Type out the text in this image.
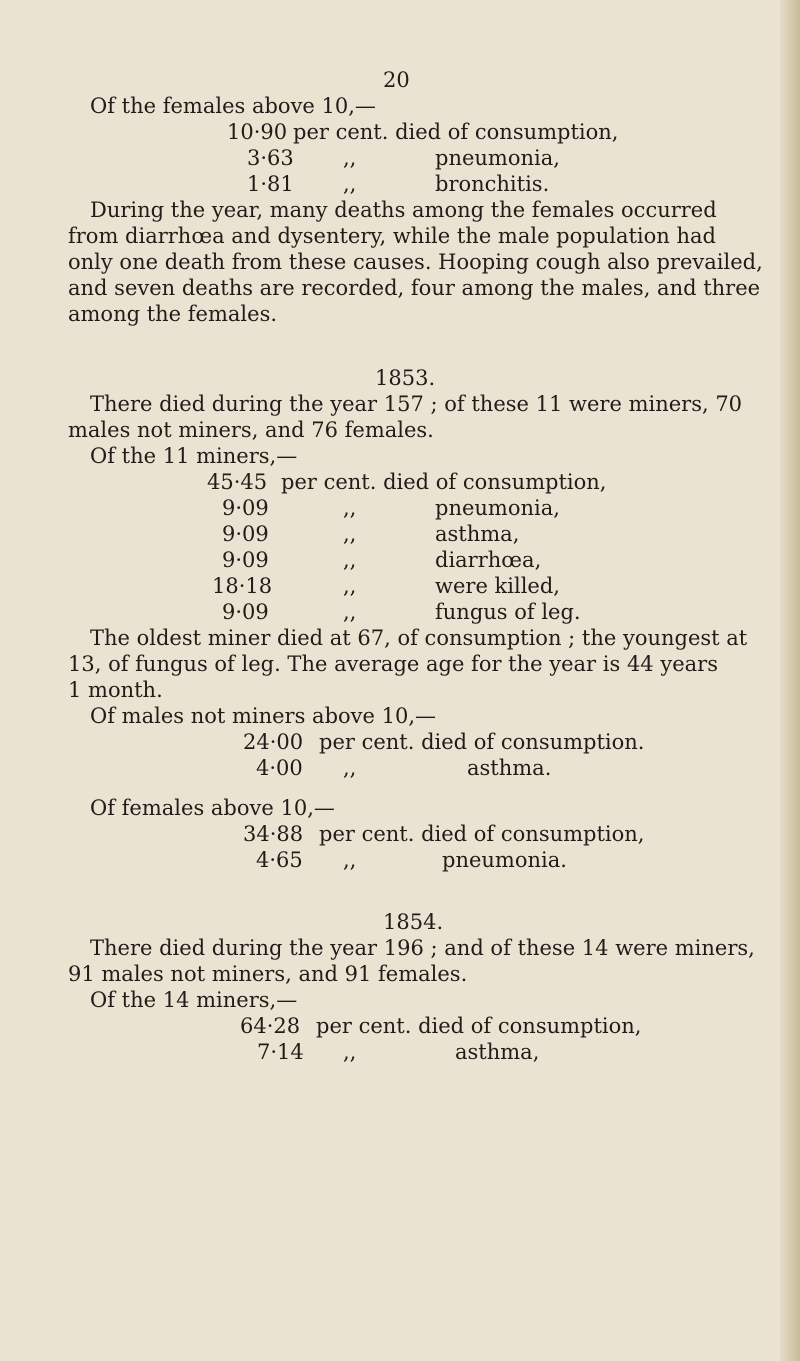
20
Of the females above 10,—
10·90 per cent. died of consumption,
3·63 ,,	pneumonia,
1·81 ,,	bronchitis.
During the year, many deaths among the females occurred
from diarrhœa and dysentery, while the male population had
only one death from these causes. Hooping cough also prevailed,
and seven deaths are recorded, four among the males, and three
among the females.
1853.
There died during the year 157 ; of these 11 were miners, 70
males not miners, and 76 females.
Of the 11 miners,—
45·45 per cent. died of consumption,
9·09	,,	pneumonia,
9·09	,,	asthma,
9·09	,,	diarrhœa,
18·18	,,	were killed,
9·09	,,	fungus of leg.
The oldest miner died at 67, of consumption ; the youngest at
13, of fungus of leg. The average age for the year is 44 years
1 month.
Of males not miners above 10,—
24·00 per cent. died of consumption.
4·00 ,,	asthma.
Of females above 10,—
34·88 per cent. died of consumption,
4·65 ,,	pneumonia.
1854.
There died during the year 196 ; and of these 14 were miners,
91 males not miners, and 91 females.
Of the 14 miners,—
64·28 per cent. died of consumption,
7·14 ,,	asthma,
